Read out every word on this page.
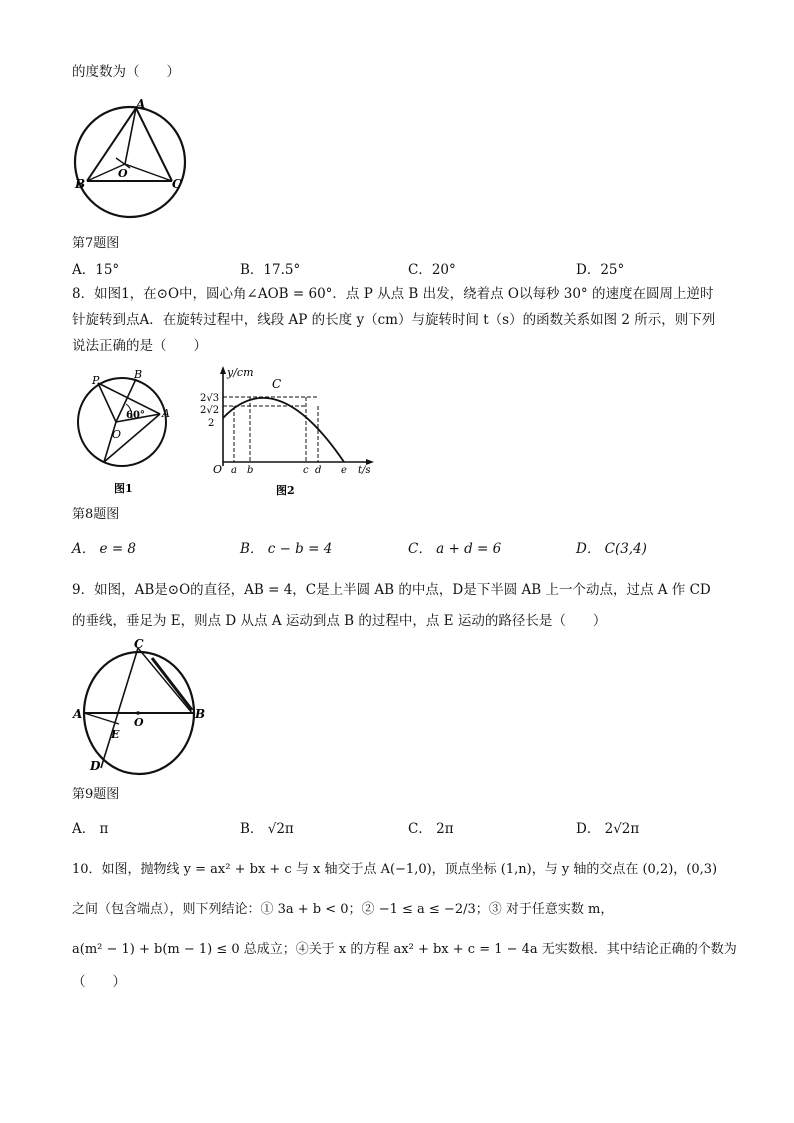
的度数为（　　）
A
B	C
O
第7题图
A．15°	B．17.5°	C．20°	D．25°
8．如图1，在⊙O中，圆心角∠AOB = 60°．点 P 从点 B 出发，绕着点 O以每秒 30° 的速度在圆周上逆时
针旋转到点A．在旋转过程中，线段 AP 的长度 y（cm）与旋转时间 t（s）的函数关系如图 2 所示，则下列
说法正确的是（　　）
P	B
A
O
60°
图1
y/cm
C
2√3
2√2
2
O a b	c d e t/s
图2
第8题图
A． e = 8	B． c − b = 4	C． a + d = 6	D． C(3,4)
9．如图，AB是⊙O的直径，AB = 4，C是上半圆 AB 的中点，D是下半圆 AB 上一个动点，过点 A 作 CD
的垂线，垂足为 E，则点 D 从点 A 运动到点 B 的过程中，点 E 运动的路径长是（　　）
C
A	B
O
E
D
第9题图
A． π	B． √2π	C． 2π	D． 2√2π
10．如图，抛物线 y = ax² + bx + c 与 x 轴交于点 A(−1,0)，顶点坐标 (1,n)，与 y 轴的交点在 (0,2)，(0,3)
之间（包含端点），则下列结论：① 3a + b < 0；② −1 ≤ a ≤ −2/3；③ 对于任意实数 m，
a(m² − 1) + b(m − 1) ≤ 0 总成立；④关于 x 的方程 ax² + bx + c = 1 − 4a 无实数根．其中结论正确的个数为
（　　）
